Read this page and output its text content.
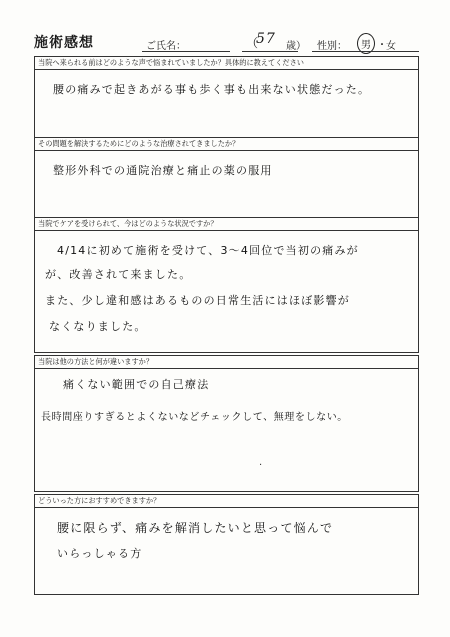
施術感想	ご氏名：	（
57 歳） 性別：	男 ・ 女
当院へ来られる前はどのような声で悩まれていましたか？具体的に教えてください
腰の痛みで起きあがる事も歩く事も出来ない状態だった。
その問題を解決するためにどのような治療されてきましたか？
整形外科での通院治療と痛止の薬の服用
当院でケアを受けられて、今はどのような状況ですか？
4/14に初めて施術を受けて、3〜4回位で当初の痛みが
が、改善されて来ました。
また、少し違和感はあるものの日常生活にはほぼ影響が
なくなりました。
当院は他の方法と何が違いますか？
痛くない範囲での自己療法
長時間座りすぎるとよくないなどチェックして、無理をしない。
·
どういった方におすすめできますか？
腰に限らず、痛みを解消したいと思って悩んで
いらっしゃる方
